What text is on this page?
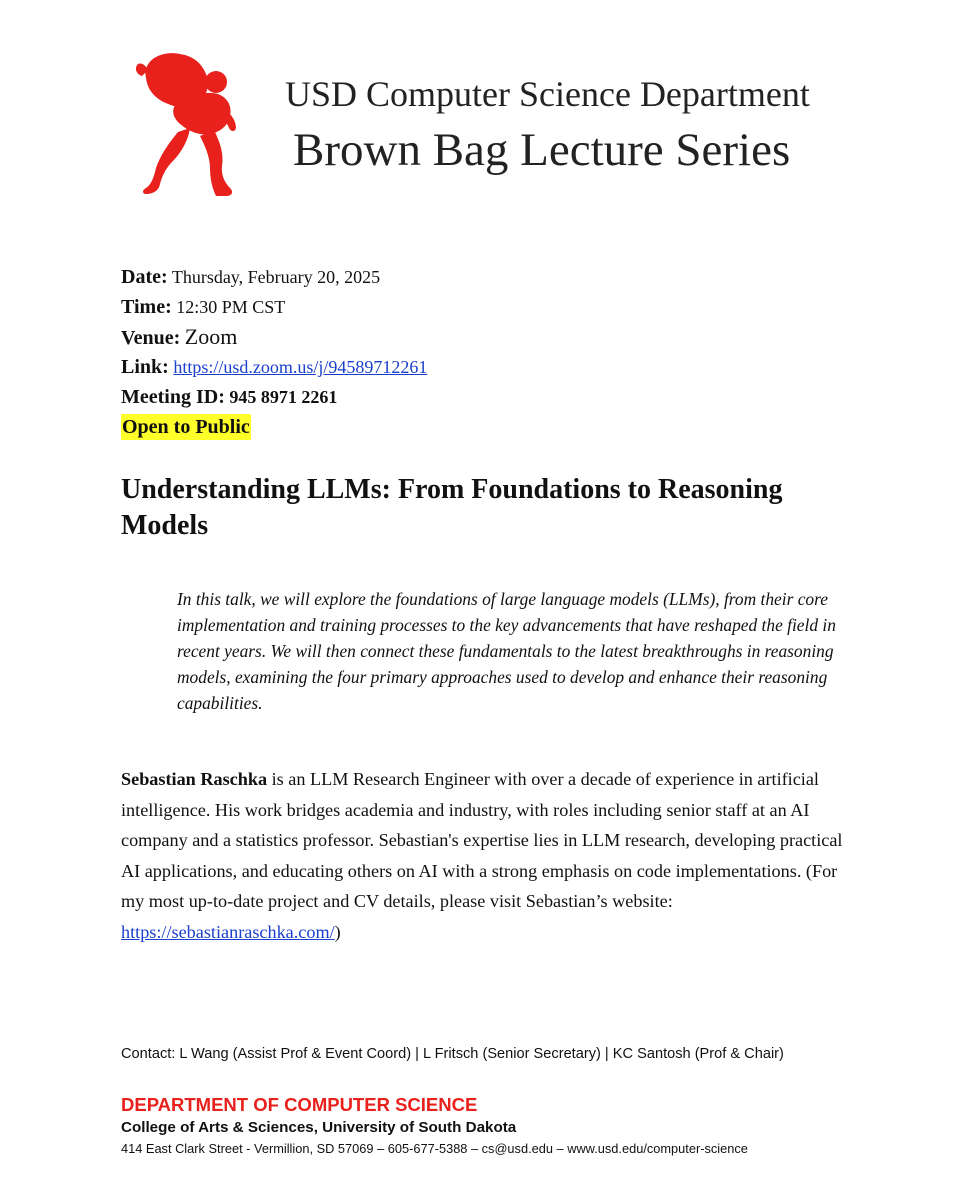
USD Computer Science Department
Brown Bag Lecture Series
Date: Thursday, February 20, 2025
Time: 12:30 PM CST
Venue: Zoom
Link: https://usd.zoom.us/j/94589712261
Meeting ID: 945 8971 2261
Open to Public
Understanding LLMs: From Foundations to Reasoning Models
In this talk, we will explore the foundations of large language models (LLMs), from their core implementation and training processes to the key advancements that have reshaped the field in recent years. We will then connect these fundamentals to the latest breakthroughs in reasoning models, examining the four primary approaches used to develop and enhance their reasoning capabilities.
Sebastian Raschka is an LLM Research Engineer with over a decade of experience in artificial intelligence. His work bridges academia and industry, with roles including senior staff at an AI company and a statistics professor. Sebastian's expertise lies in LLM research, developing practical AI applications, and educating others on AI with a strong emphasis on code implementations. (For my most up-to-date project and CV details, please visit Sebastian’s website: https://sebastianraschka.com/)
Contact: L Wang (Assist Prof & Event Coord) | L Fritsch (Senior Secretary) | KC Santosh (Prof & Chair)
DEPARTMENT OF COMPUTER SCIENCE
College of Arts & Sciences, University of South Dakota
414 East Clark Street - Vermillion, SD 57069 – 605-677-5388 – cs@usd.edu – www.usd.edu/computer-science
